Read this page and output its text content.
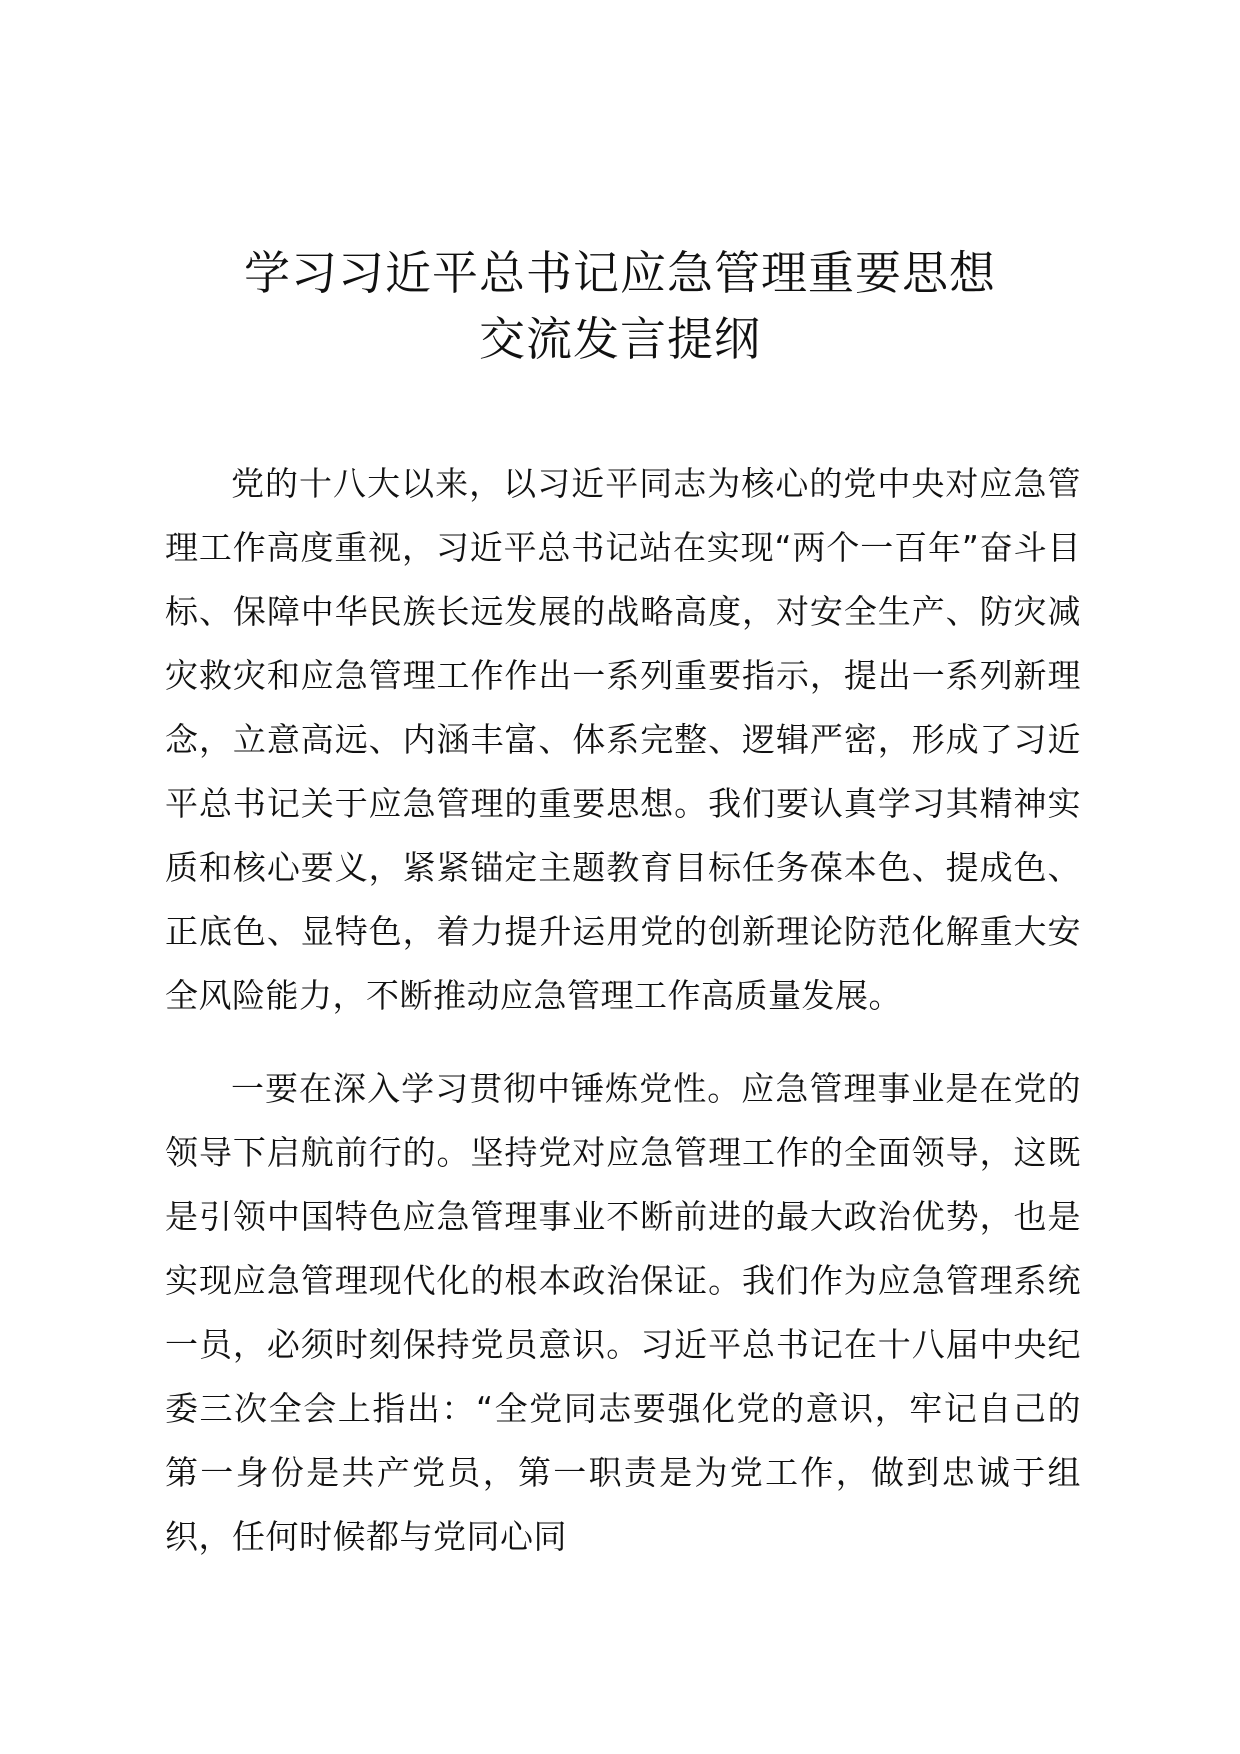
学习习近平总书记应急管理重要思想
交流发言提纲

党的十八大以来，以习近平同志为核心的党中央对应急管理工作高度重视，习近平总书记站在实现“两个一百年”奋斗目标、保障中华民族长远发展的战略高度，对安全生产、防灾减灾救灾和应急管理工作作出一系列重要指示，提出一系列新理念，立意高远、内涵丰富、体系完整、逻辑严密，形成了习近平总书记关于应急管理的重要思想。我们要认真学习其精神实质和核心要义，紧紧锚定主题教育目标任务葆本色、提成色、正底色、显特色，着力提升运用党的创新理论防范化解重大安全风险能力，不断推动应急管理工作高质量发展。

一要在深入学习贯彻中锤炼党性。应急管理事业是在党的领导下启航前行的。坚持党对应急管理工作的全面领导，这既是引领中国特色应急管理事业不断前进的最大政治优势，也是实现应急管理现代化的根本政治保证。我们作为应急管理系统一员，必须时刻保持党员意识。习近平总书记在十八届中央纪委三次全会上指出：“全党同志要强化党的意识，牢记自己的第一身份是共产党员，第一职责是为党工作，做到忠诚于组织，任何时候都与党同心同
